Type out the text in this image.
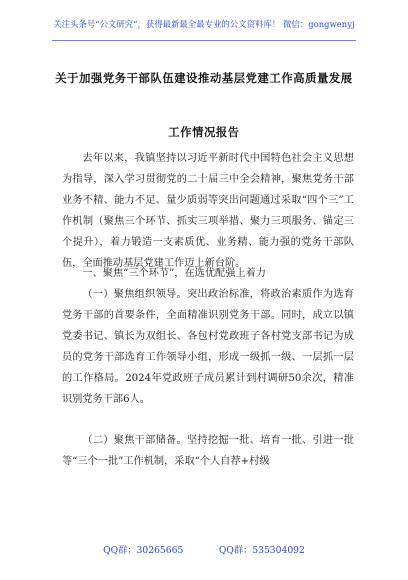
关注头条号“公文研究”，获得最新最全最专业的公文资料库！ 微信：gongwenyj
关于加强党务干部队伍建设推动基层党建工作高质量发展
工作情况报告

去年以来，我镇坚持以习近平新时代中国特色社会主义思想为指导，深入学习贯彻党的二十届三中全会精神，聚焦党务干部业务不精、能力不足、量少质弱等突出问题通过采取“四个三”工作机制（聚焦三个环节、抓实三项举措、聚力三项服务、锚定三个提升），着力锻造一支素质优、业务精、能力强的党务干部队伍，全面推动基层党建工作迈上新台阶。

一、聚焦“三个环节”，在选优配强上着力

（一）聚焦组织领导。突出政治标准，将政治素质作为选育党务干部的首要条件，全面精准识别党务干部。同时，成立以镇党委书记、镇长为双组长、各包村党政班子各村党支部书记为成员的党务干部选育工作领导小组，形成一级抓一级、一层抓一层的工作格局。2024年党政班子成员累计到村调研50余次，精准识别党务干部6人。

（二）聚焦干部储备。坚持挖掘一批、培育一批、引进一批等“三个一批”工作机制，采取“个人自荐+村级

QQ群：30265665	QQ群：535304092
